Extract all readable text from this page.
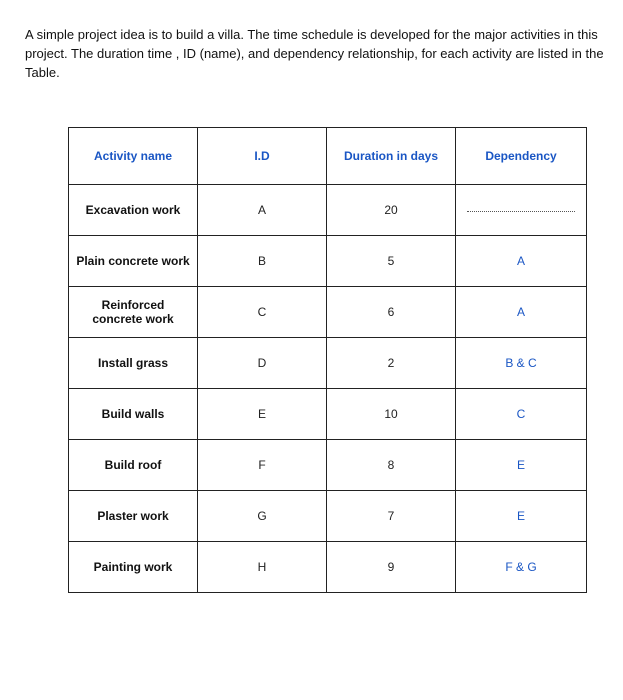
A simple project idea is to build a villa. The time schedule is developed for the major activities in this project. The duration time , ID (name), and dependency relationship, for each activity are listed in the Table.

Activity name	I.D	Duration in days	Dependency
Excavation work	A	20	
Plain concrete work	B	5	A
Reinforced concrete work	C	6	A
Install grass	D	2	B & C
Build walls	E	10	C
Build roof	F	8	E
Plaster work	G	7	E
Painting work	H	9	F & G
